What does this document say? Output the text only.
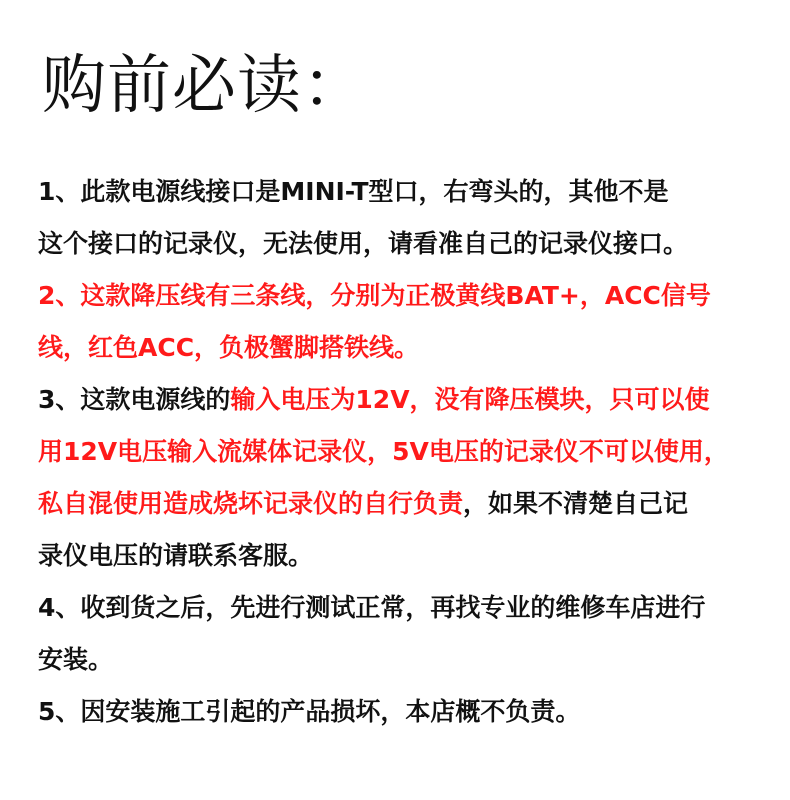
购前必读：
1、此款电源线接口是MINI-T型口，右弯头的，其他不是
这个接口的记录仪，无法使用，请看准自己的记录仪接口。
2、这款降压线有三条线，分别为正极黄线BAT+，ACC信号
线，红色ACC，负极蟹脚搭铁线。
3、这款电源线的输入电压为12V，没有降压模块，只可以使
用12V电压输入流媒体记录仪，5V电压的记录仪不可以使用，
私自混使用造成烧坏记录仪的自行负责，如果不清楚自己记
录仪电压的请联系客服。
4、收到货之后，先进行测试正常，再找专业的维修车店进行
安装。
5、因安装施工引起的产品损坏，本店概不负责。
